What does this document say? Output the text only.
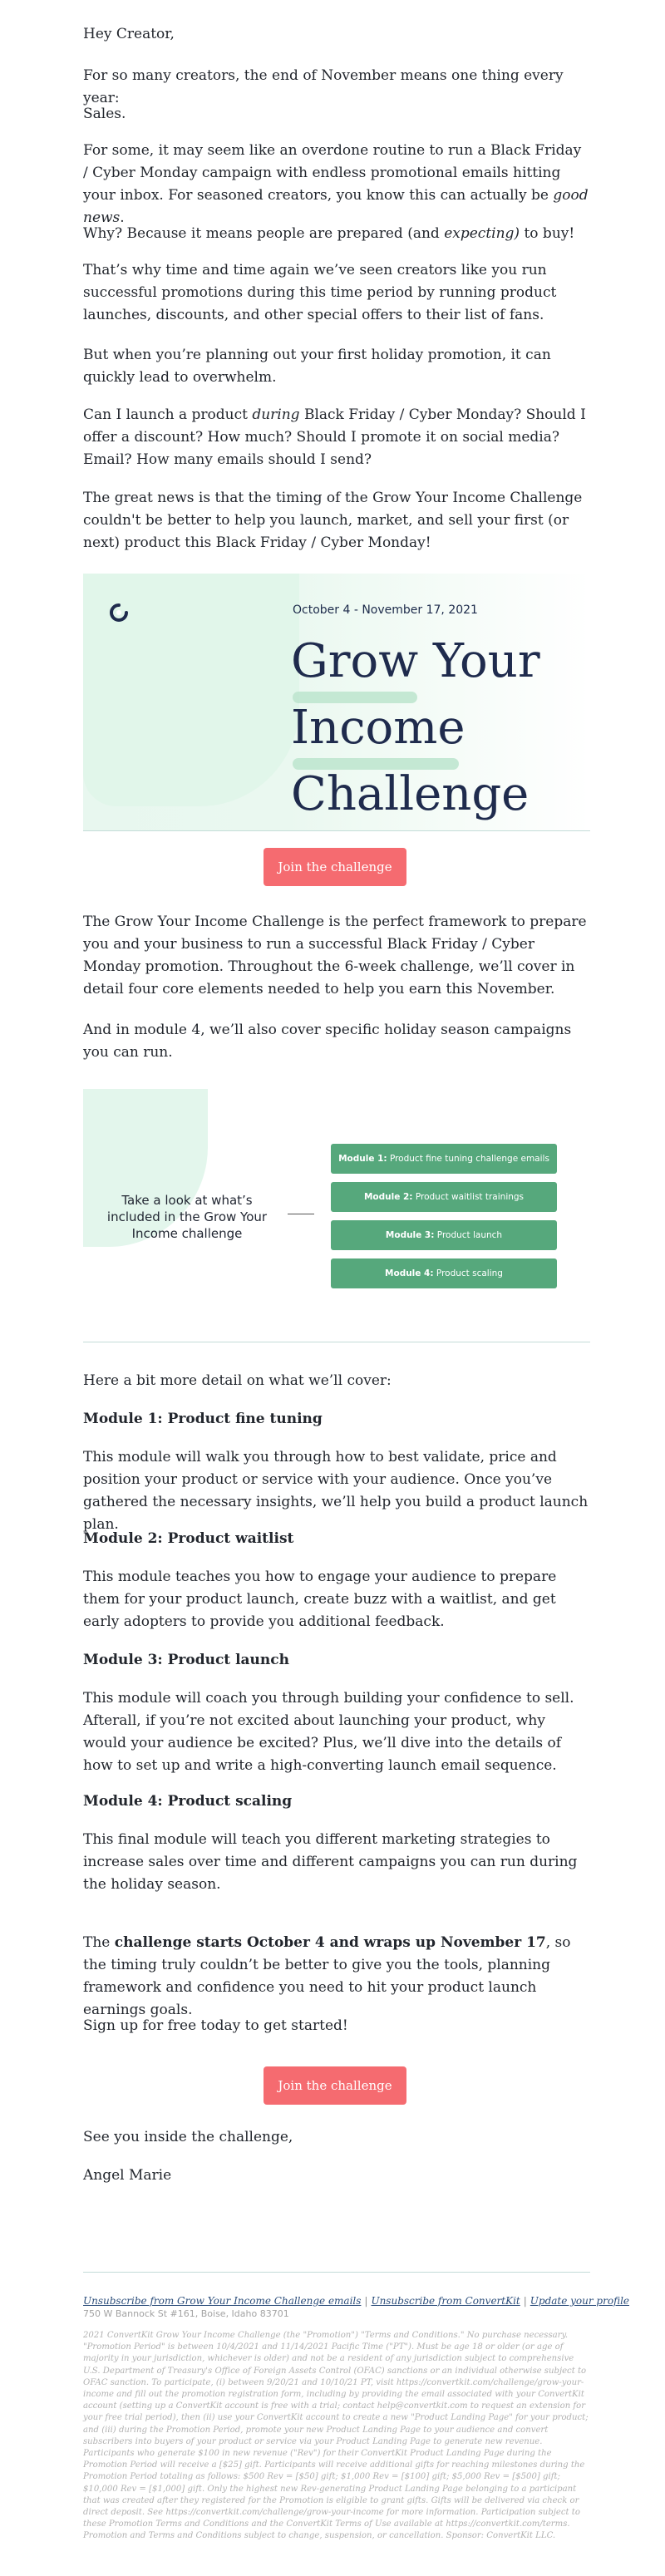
Hey Creator,

For so many creators, the end of November means one thing every year:

Sales.

For some, it may seem like an overdone routine to run a Black Friday / Cyber Monday campaign with endless promotional emails hitting your inbox. For seasoned creators, you know this can actually be good news.

Why? Because it means people are prepared (and expecting) to buy!

That’s why time and time again we’ve seen creators like you run successful promotions during this time period by running product launches, discounts, and other special offers to their list of fans.

But when you’re planning out your first holiday promotion, it can quickly lead to overwhelm.

Can I launch a product during Black Friday / Cyber Monday? Should I offer a discount? How much? Should I promote it on social media? Email? How many emails should I send?

The great news is that the timing of the Grow Your Income Challenge couldn't be better to help you launch, market, and sell your first (or next) product this Black Friday / Cyber Monday!

October 4 - November 17, 2021
Grow Your
Income
Challenge
Join the challenge

The Grow Your Income Challenge is the perfect framework to prepare you and your business to run a successful Black Friday / Cyber Monday promotion. Throughout the 6-week challenge, we’ll cover in detail four core elements needed to help you earn this November.

And in module 4, we’ll also cover specific holiday season campaigns you can run.

Take a look at what’s included in the Grow Your Income challenge
Module 1: Product fine tuning challenge emails
Module 2: Product waitlist trainings
Module 3: Product launch
Module 4: Product scaling

Here a bit more detail on what we’ll cover:

Module 1: Product fine tuning

This module will walk you through how to best validate, price and position your product or service with your audience. Once you’ve gathered the necessary insights, we’ll help you build a product launch plan.

Module 2: Product waitlist

This module teaches you how to engage your audience to prepare them for your product launch, create buzz with a waitlist, and get early adopters to provide you additional feedback.

Module 3: Product launch

This module will coach you through building your confidence to sell. Afterall, if you’re not excited about launching your product, why would your audience be excited? Plus, we’ll dive into the details of how to set up and write a high-converting launch email sequence.

Module 4: Product scaling

This final module will teach you different marketing strategies to increase sales over time and different campaigns you can run during the holiday season.

The challenge starts October 4 and wraps up November 17, so the timing truly couldn’t be better to give you the tools, planning framework and confidence you need to hit your product launch earnings goals.

Sign up for free today to get started!

Join the challenge

See you inside the challenge,

Angel Marie

Unsubscribe from Grow Your Income Challenge emails | Unsubscribe from ConvertKit | Update your profile
750 W Bannock St #161, Boise, Idaho 83701
2021 ConvertKit Grow Your Income Challenge (the "Promotion") "Terms and Conditions." No purchase necessary. "Promotion Period" is between 10/4/2021 and 11/14/2021 Pacific Time ("PT"). Must be age 18 or older (or age of majority in your jurisdiction, whichever is older) and not be a resident of any jurisdiction subject to comprehensive U.S. Department of Treasury's Office of Foreign Assets Control (OFAC) sanctions or an individual otherwise subject to OFAC sanction. To participate, (i) between 9/20/21 and 10/10/21 PT, visit https://convertkit.com/challenge/grow-your-income and fill out the promotion registration form, including by providing the email associated with your ConvertKit account (setting up a ConvertKit account is free with a trial; contact help@convertkit.com to request an extension for your free trial period), then (ii) use your ConvertKit account to create a new "Product Landing Page" for your product; and (iii) during the Promotion Period, promote your new Product Landing Page to your audience and convert subscribers into buyers of your product or service via your Product Landing Page to generate new revenue. Participants who generate $100 in new revenue ("Rev") for their ConvertKit Product Landing Page during the Promotion Period will receive a [$25] gift. Participants will receive additional gifts for reaching milestones during the Promotion Period totaling as follows: $500 Rev = [$50] gift; $1,000 Rev = [$100] gift; $5,000 Rev = [$500] gift; $10,000 Rev = [$1,000] gift. Only the highest new Rev-generating Product Landing Page belonging to a participant that was created after they registered for the Promotion is eligible to grant gifts. Gifts will be delivered via check or direct deposit. See https://convertkit.com/challenge/grow-your-income for more information. Participation subject to these Promotion Terms and Conditions and the ConvertKit Terms of Use available at https://convertkit.com/terms. Promotion and Terms and Conditions subject to change, suspension, or cancellation. Sponsor: ConvertKit LLC.
